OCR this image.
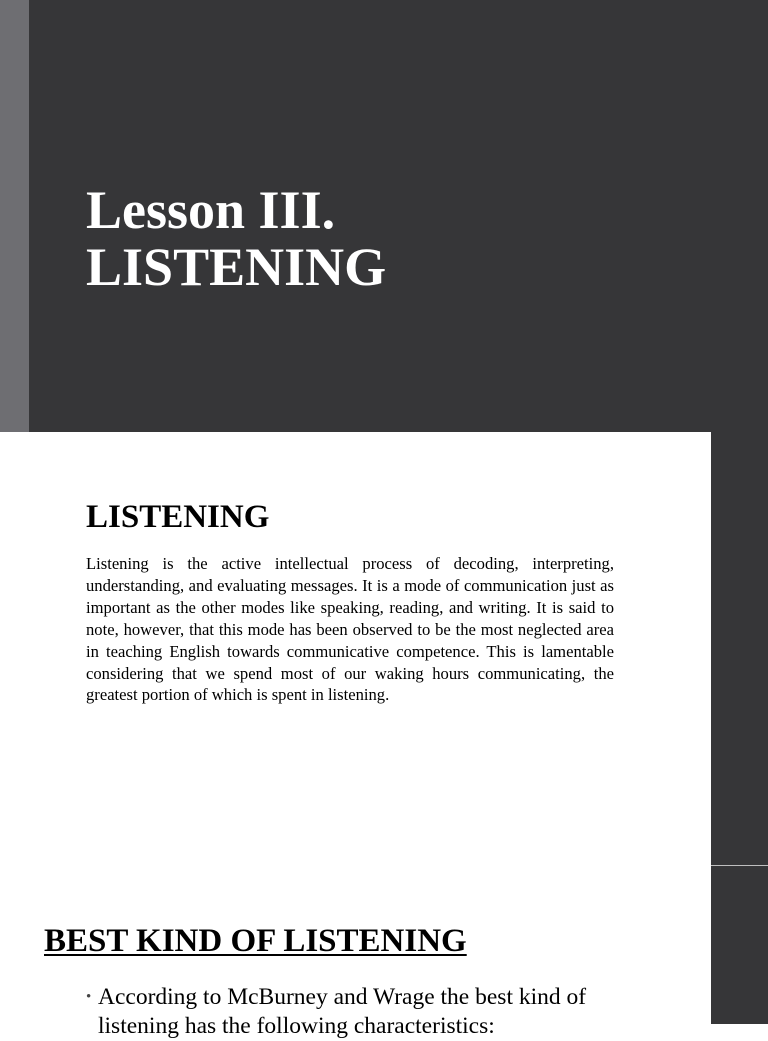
Lesson III.
LISTENING
LISTENING

Listening is the active intellectual process of decoding, interpreting, understanding, and evaluating messages. It is a mode of communication just as important as the other modes like speaking, reading, and writing. It is said to note, however, that this mode has been observed to be the most neglected area in teaching English towards communicative competence. This is lamentable considering that we spend most of our waking hours communicating, the greatest portion of which is spent in listening.

BEST KIND OF LISTENING
• According to McBurney and Wrage the best kind of listening has the following characteristics:
